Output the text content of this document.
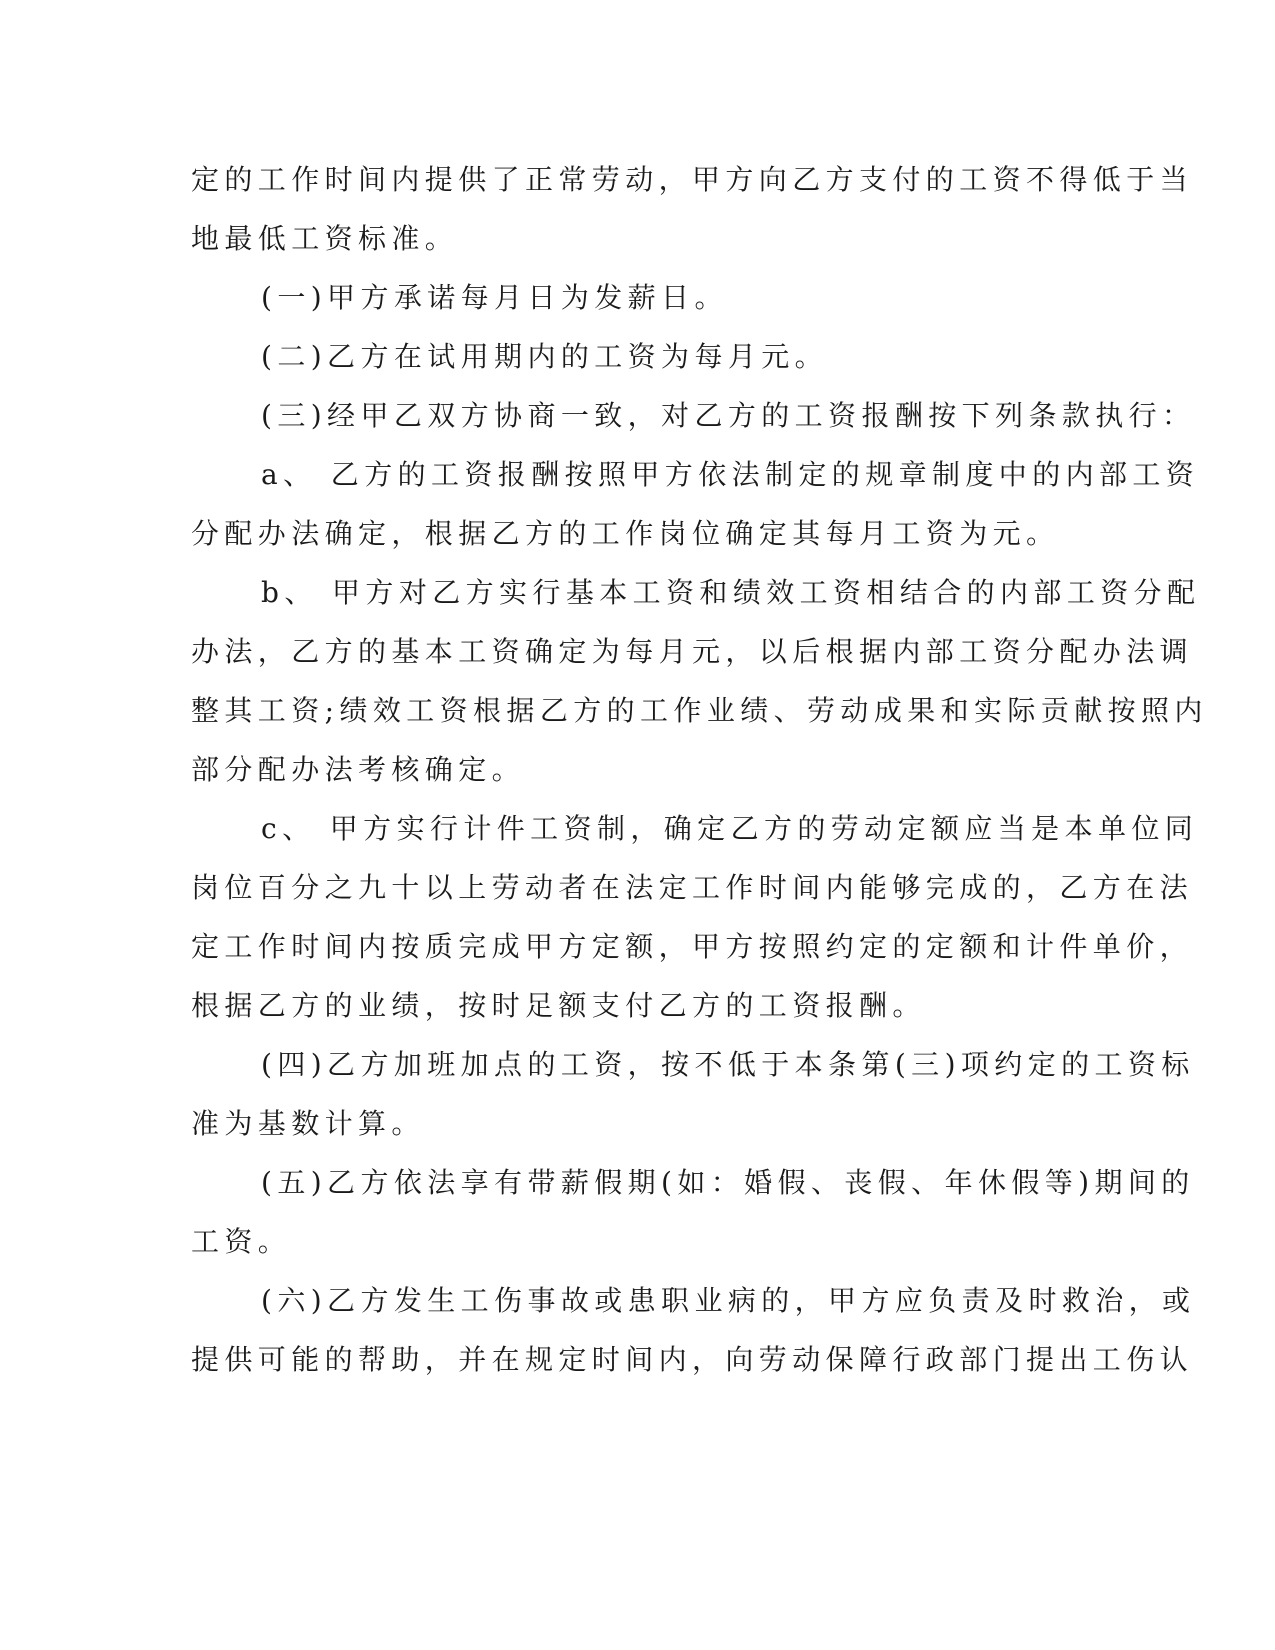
定的工作时间内提供了正常劳动，甲方向乙方支付的工资不得低于当
地最低工资标准。
(一)甲方承诺每月日为发薪日。
(二)乙方在试用期内的工资为每月元。
(三)经甲乙双方协商一致，对乙方的工资报酬按下列条款执行：
a、 乙方的工资报酬按照甲方依法制定的规章制度中的内部工资
分配办法确定，根据乙方的工作岗位确定其每月工资为元。
b、 甲方对乙方实行基本工资和绩效工资相结合的内部工资分配
办法，乙方的基本工资确定为每月元，以后根据内部工资分配办法调
整其工资;绩效工资根据乙方的工作业绩、劳动成果和实际贡献按照内
部分配办法考核确定。
c、 甲方实行计件工资制，确定乙方的劳动定额应当是本单位同
岗位百分之九十以上劳动者在法定工作时间内能够完成的，乙方在法
定工作时间内按质完成甲方定额，甲方按照约定的定额和计件单价，
根据乙方的业绩，按时足额支付乙方的工资报酬。
(四)乙方加班加点的工资，按不低于本条第(三)项约定的工资标
准为基数计算。
(五)乙方依法享有带薪假期(如：婚假、丧假、年休假等)期间的
工资。
(六)乙方发生工伤事故或患职业病的，甲方应负责及时救治，或
提供可能的帮助，并在规定时间内，向劳动保障行政部门提出工伤认
